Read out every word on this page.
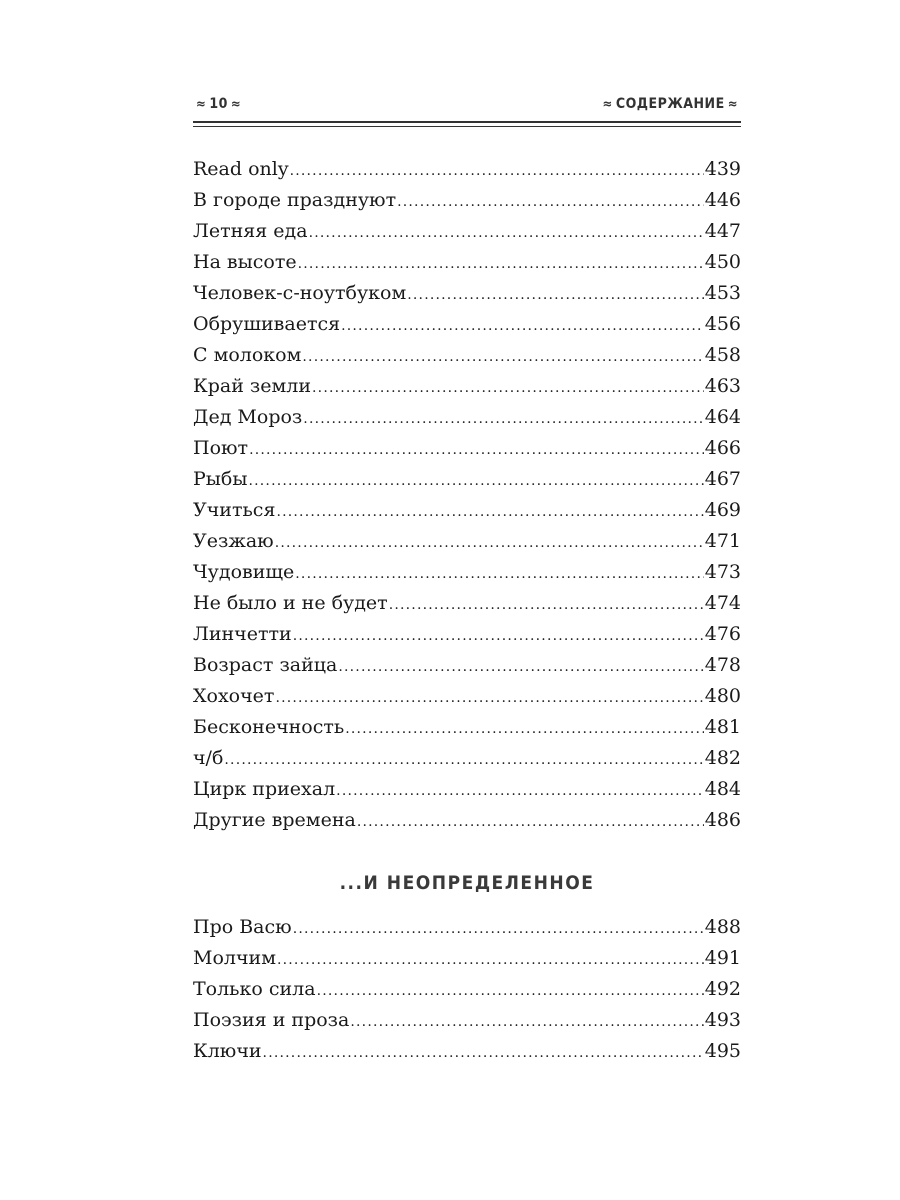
≈ 10 ≈	≈ СОДЕРЖАНИЕ ≈
Read only .....	439
В городе празднуют .....	446
Летняя еда .....	447
На высоте .....	450
Человек-с-ноутбуком .....	453
Обрушивается .....	456
С молоком .....	458
Край земли .....	463
Дед Мороз .....	464
Поют .....	466
Рыбы .....	467
Учиться .....	469
Уезжаю .....	471
Чудовище .....	473
Не было и не будет .....	474
Линчетти .....	476
Возраст зайца .....	478
Хохочет .....	480
Бесконечность .....	481
ч/б .....	482
Цирк приехал .....	484
Другие времена .....	486
...И НЕОПРЕДЕЛЕННОЕ
Про Васю .....	488
Молчим .....	491
Только сила .....	492
Поэзия и проза .....	493
Ключи .....	495
